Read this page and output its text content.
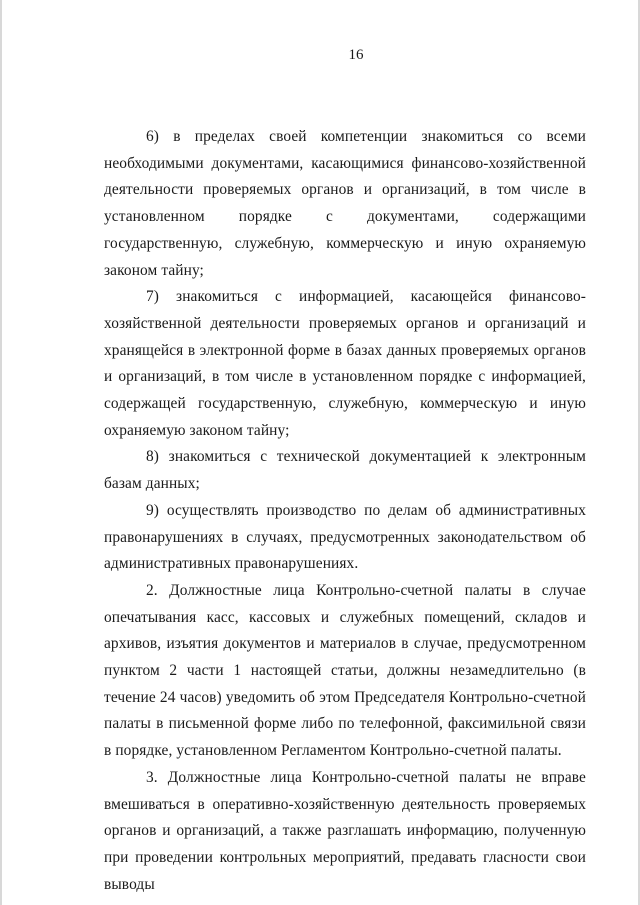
16

6) в пределах своей компетенции знакомиться со всеми необходимыми документами, касающимися финансово-хозяйственной деятельности проверяемых органов и организаций, в том числе в установленном порядке с документами, содержащими государственную, служебную, коммерческую и иную охраняемую законом тайну;

7) знакомиться с информацией, касающейся финансово-хозяйственной деятельности проверяемых органов и организаций и хранящейся в электронной форме в базах данных проверяемых органов и организаций, в том числе в установленном порядке с информацией, содержащей государственную, служебную, коммерческую и иную охраняемую законом тайну;

8) знакомиться с технической документацией к электронным базам данных;

9) осуществлять производство по делам об административных правонарушениях в случаях, предусмотренных законодательством об административных правонарушениях.

2. Должностные лица Контрольно-счетной палаты в случае опечатывания касс, кассовых и служебных помещений, складов и архивов, изъятия документов и материалов в случае, предусмотренном пунктом 2 части 1 настоящей статьи, должны незамедлительно (в течение 24 часов) уведомить об этом Председателя Контрольно-счетной палаты в письменной форме либо по телефонной, факсимильной связи в порядке, установленном Регламентом Контрольно-счетной палаты.

3. Должностные лица Контрольно-счетной палаты не вправе вмешиваться в оперативно-хозяйственную деятельность проверяемых органов и организаций, а также разглашать информацию, полученную при проведении контрольных мероприятий, предавать гласности свои выводы
